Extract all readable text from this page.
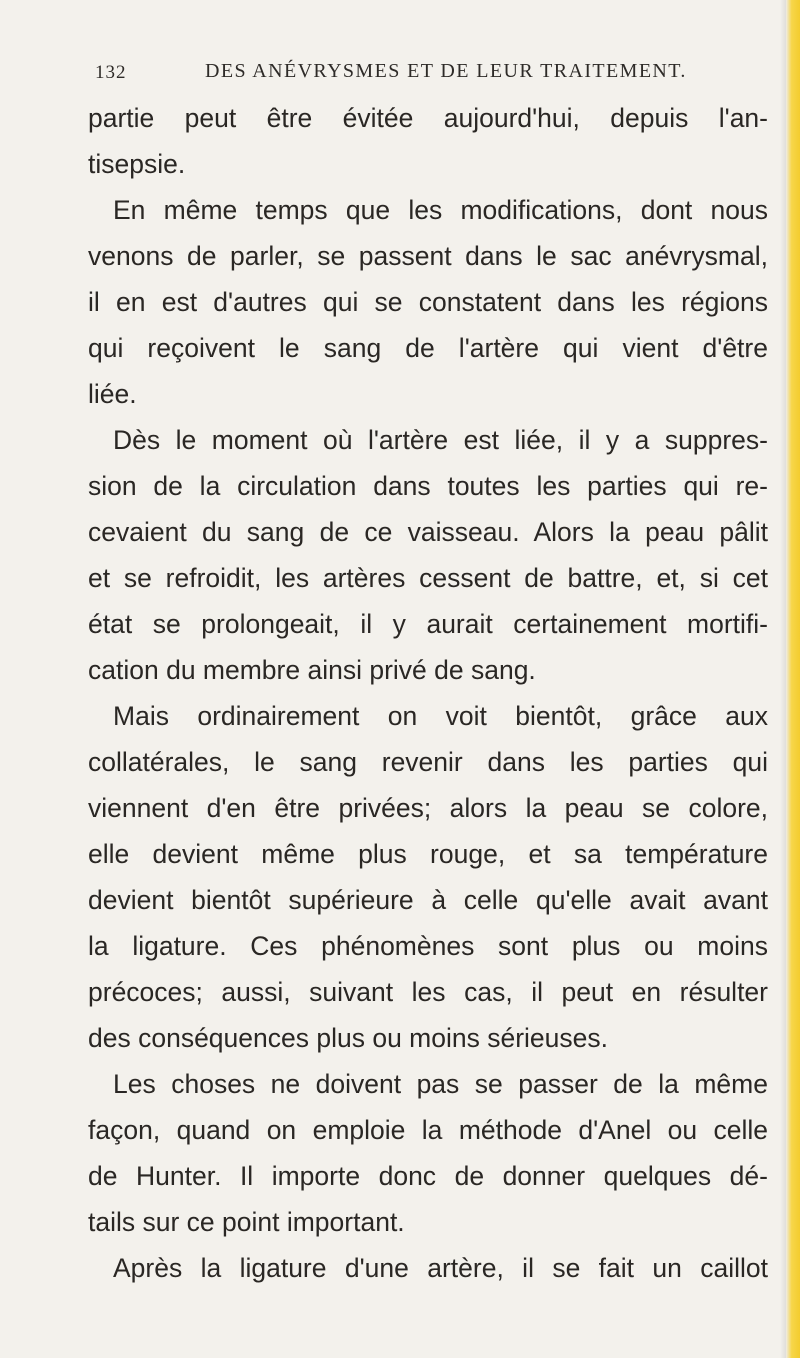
132	DES ANÉVRYSMES ET DE LEUR TRAITEMENT.
partie peut être évitée aujourd'hui, depuis l'an-
tisepsie.
En même temps que les modifications, dont nous
venons de parler, se passent dans le sac anévrysmal,
il en est d'autres qui se constatent dans les régions
qui reçoivent le sang de l'artère qui vient d'être
liée.
Dès le moment où l'artère est liée, il y a suppres-
sion de la circulation dans toutes les parties qui re-
cevaient du sang de ce vaisseau. Alors la peau pâlit
et se refroidit, les artères cessent de battre, et, si cet
état se prolongeait, il y aurait certainement mortifi-
cation du membre ainsi privé de sang.
Mais ordinairement on voit bientôt, grâce aux
collatérales, le sang revenir dans les parties qui
viennent d'en être privées; alors la peau se colore,
elle devient même plus rouge, et sa température
devient bientôt supérieure à celle qu'elle avait avant
la ligature. Ces phénomènes sont plus ou moins
précoces; aussi, suivant les cas, il peut en résulter
des conséquences plus ou moins sérieuses.
Les choses ne doivent pas se passer de la même
façon, quand on emploie la méthode d'Anel ou celle
de Hunter. Il importe donc de donner quelques dé-
tails sur ce point important.
Après la ligature d'une artère, il se fait un caillot
